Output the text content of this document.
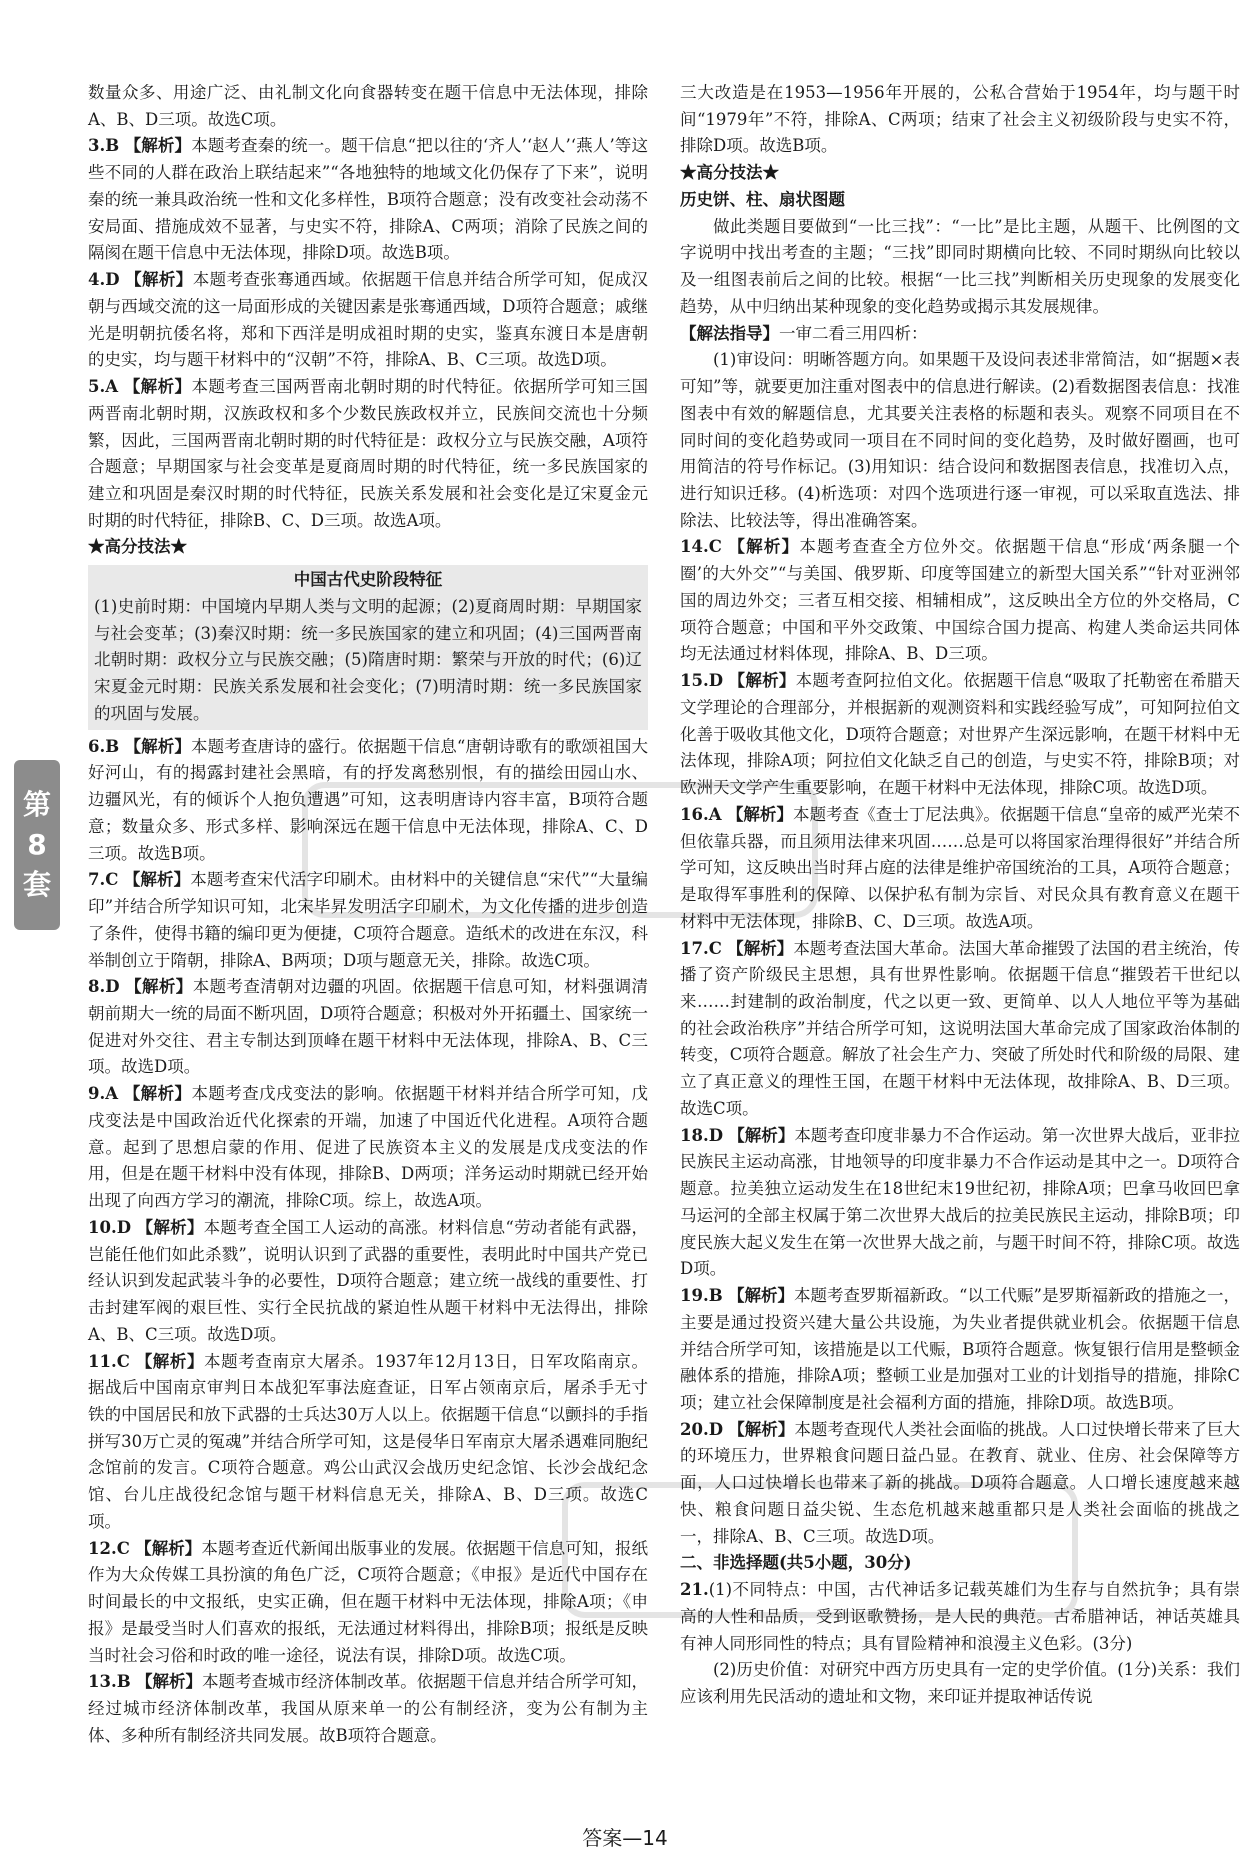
第
8
套

数量众多、用途广泛、由礼制文化向食器转变在题干信息中无法体现，排除A、B、D三项。故选C项。

3.B 【解析】本题考查秦的统一。题干信息“把以往的‘齐人’‘赵人’‘燕人’等这些不同的人群在政治上联结起来”“各地独特的地域文化仍保存了下来”，说明秦的统一兼具政治统一性和文化多样性，B项符合题意；没有改变社会动荡不安局面、措施成效不显著，与史实不符，排除A、C两项；消除了民族之间的隔阂在题干信息中无法体现，排除D项。故选B项。

4.D 【解析】本题考查张骞通西域。依据题干信息并结合所学可知，促成汉朝与西域交流的这一局面形成的关键因素是张骞通西域，D项符合题意；戚继光是明朝抗倭名将，郑和下西洋是明成祖时期的史实，鉴真东渡日本是唐朝的史实，均与题干材料中的“汉朝”不符，排除A、B、C三项。故选D项。

5.A 【解析】本题考查三国两晋南北朝时期的时代特征。依据所学可知三国两晋南北朝时期，汉族政权和多个少数民族政权并立，民族间交流也十分频繁，因此，三国两晋南北朝时期的时代特征是：政权分立与民族交融，A项符合题意；早期国家与社会变革是夏商周时期的时代特征，统一多民族国家的建立和巩固是秦汉时期的时代特征，民族关系发展和社会变化是辽宋夏金元时期的时代特征，排除B、C、D三项。故选A项。

★高分技法★

中国古代史阶段特征

(1)史前时期：中国境内早期人类与文明的起源；(2)夏商周时期：早期国家与社会变革；(3)秦汉时期：统一多民族国家的建立和巩固；(4)三国两晋南北朝时期：政权分立与民族交融；(5)隋唐时期：繁荣与开放的时代；(6)辽宋夏金元时期：民族关系发展和社会变化；(7)明清时期：统一多民族国家的巩固与发展。

6.B 【解析】本题考查唐诗的盛行。依据题干信息“唐朝诗歌有的歌颂祖国大好河山，有的揭露封建社会黑暗，有的抒发离愁别恨，有的描绘田园山水、边疆风光，有的倾诉个人抱负遭遇”可知，这表明唐诗内容丰富，B项符合题意；数量众多、形式多样、影响深远在题干信息中无法体现，排除A、C、D三项。故选B项。

7.C 【解析】本题考查宋代活字印刷术。由材料中的关键信息“宋代”“大量编印”并结合所学知识可知，北宋毕昇发明活字印刷术，为文化传播的进步创造了条件，使得书籍的编印更为便捷，C项符合题意。造纸术的改进在东汉，科举制创立于隋朝，排除A、B两项；D项与题意无关，排除。故选C项。

8.D 【解析】本题考查清朝对边疆的巩固。依据题干信息可知，材料强调清朝前期大一统的局面不断巩固，D项符合题意；积极对外开拓疆土、国家统一促进对外交往、君主专制达到顶峰在题干材料中无法体现，排除A、B、C三项。故选D项。

9.A 【解析】本题考查戊戌变法的影响。依据题干材料并结合所学可知，戊戌变法是中国政治近代化探索的开端，加速了中国近代化进程。A项符合题意。起到了思想启蒙的作用、促进了民族资本主义的发展是戊戌变法的作用，但是在题干材料中没有体现，排除B、D两项；洋务运动时期就已经开始出现了向西方学习的潮流，排除C项。综上，故选A项。

10.D 【解析】本题考查全国工人运动的高涨。材料信息“劳动者能有武器，岂能任他们如此杀戮”，说明认识到了武器的重要性，表明此时中国共产党已经认识到发起武装斗争的必要性，D项符合题意；建立统一战线的重要性、打击封建军阀的艰巨性、实行全民抗战的紧迫性从题干材料中无法得出，排除A、B、C三项。故选D项。

11.C 【解析】本题考查南京大屠杀。1937年12月13日，日军攻陷南京。据战后中国南京审判日本战犯军事法庭查证，日军占领南京后，屠杀手无寸铁的中国居民和放下武器的士兵达30万人以上。依据题干信息“以颤抖的手指拼写30万亡灵的冤魂”并结合所学可知，这是侵华日军南京大屠杀遇难同胞纪念馆前的发言。C项符合题意。鸡公山武汉会战历史纪念馆、长沙会战纪念馆、台儿庄战役纪念馆与题干材料信息无关，排除A、B、D三项。故选C项。

12.C 【解析】本题考查近代新闻出版事业的发展。依据题干信息可知，报纸作为大众传媒工具扮演的角色广泛，C项符合题意；《申报》是近代中国存在时间最长的中文报纸，史实正确，但在题干材料中无法体现，排除A项；《申报》是最受当时人们喜欢的报纸，无法通过材料得出，排除B项；报纸是反映当时社会习俗和时政的唯一途径，说法有误，排除D项。故选C项。

13.B 【解析】本题考查城市经济体制改革。依据题干信息并结合所学可知，经过城市经济体制改革，我国从原来单一的公有制经济，变为公有制为主体、多种所有制经济共同发展。故B项符合题意。

三大改造是在1953—1956年开展的，公私合营始于1954年，均与题干时间“1979年”不符，排除A、C两项；结束了社会主义初级阶段与史实不符，排除D项。故选B项。

★高分技法★

历史饼、柱、扇状图题

做此类题目要做到“一比三找”：“一比”是比主题，从题干、比例图的文字说明中找出考查的主题；“三找”即同时期横向比较、不同时期纵向比较以及一组图表前后之间的比较。根据“一比三找”判断相关历史现象的发展变化趋势，从中归纳出某种现象的变化趋势或揭示其发展规律。

【解法指导】一审二看三用四析：

(1)审设问：明晰答题方向。如果题干及设问表述非常简洁，如“据题×表可知”等，就要更加注重对图表中的信息进行解读。(2)看数据图表信息：找准图表中有效的解题信息，尤其要关注表格的标题和表头。观察不同项目在不同时间的变化趋势或同一项目在不同时间的变化趋势，及时做好圈画，也可用简洁的符号作标记。(3)用知识：结合设问和数据图表信息，找准切入点，进行知识迁移。(4)析选项：对四个选项进行逐一审视，可以采取直选法、排除法、比较法等，得出准确答案。

14.C 【解析】本题考查查全方位外交。依据题干信息“形成‘两条腿一个圈’的大外交”“与美国、俄罗斯、印度等国建立的新型大国关系”“针对亚洲邻国的周边外交；三者互相交接、相辅相成”，这反映出全方位的外交格局，C项符合题意；中国和平外交政策、中国综合国力提高、构建人类命运共同体均无法通过材料体现，排除A、B、D三项。

15.D 【解析】本题考查阿拉伯文化。依据题干信息“吸取了托勒密在希腊天文学理论的合理部分，并根据新的观测资料和实践经验写成”，可知阿拉伯文化善于吸收其他文化，D项符合题意；对世界产生深远影响，在题干材料中无法体现，排除A项；阿拉伯文化缺乏自己的创造，与史实不符，排除B项；对欧洲天文学产生重要影响，在题干材料中无法体现，排除C项。故选D项。

16.A 【解析】本题考查《查士丁尼法典》。依据题干信息“皇帝的威严光荣不但依靠兵器，而且须用法律来巩固……总是可以将国家治理得很好”并结合所学可知，这反映出当时拜占庭的法律是维护帝国统治的工具，A项符合题意；是取得军事胜利的保障、以保护私有制为宗旨、对民众具有教育意义在题干材料中无法体现，排除B、C、D三项。故选A项。

17.C 【解析】本题考查法国大革命。法国大革命摧毁了法国的君主统治，传播了资产阶级民主思想，具有世界性影响。依据题干信息“摧毁若干世纪以来……封建制的政治制度，代之以更一致、更简单、以人人地位平等为基础的社会政治秩序”并结合所学可知，这说明法国大革命完成了国家政治体制的转变，C项符合题意。解放了社会生产力、突破了所处时代和阶级的局限、建立了真正意义的理性王国，在题干材料中无法体现，故排除A、B、D三项。故选C项。

18.D 【解析】本题考查印度非暴力不合作运动。第一次世界大战后，亚非拉民族民主运动高涨，甘地领导的印度非暴力不合作运动是其中之一。D项符合题意。拉美独立运动发生在18世纪末19世纪初，排除A项；巴拿马收回巴拿马运河的全部主权属于第二次世界大战后的拉美民族民主运动，排除B项；印度民族大起义发生在第一次世界大战之前，与题干时间不符，排除C项。故选D项。

19.B 【解析】本题考查罗斯福新政。“以工代赈”是罗斯福新政的措施之一，主要是通过投资兴建大量公共设施，为失业者提供就业机会。依据题干信息并结合所学可知，该措施是以工代赈，B项符合题意。恢复银行信用是整顿金融体系的措施，排除A项；整顿工业是加强对工业的计划指导的措施，排除C项；建立社会保障制度是社会福利方面的措施，排除D项。故选B项。

20.D 【解析】本题考查现代人类社会面临的挑战。人口过快增长带来了巨大的环境压力，世界粮食问题日益凸显。在教育、就业、住房、社会保障等方面，人口过快增长也带来了新的挑战。D项符合题意。人口增长速度越来越快、粮食问题日益尖锐、生态危机越来越重都只是人类社会面临的挑战之一，排除A、B、C三项。故选D项。

二、非选择题(共5小题，30分)

21.(1)不同特点：中国，古代神话多记载英雄们为生存与自然抗争；具有崇高的人性和品质，受到讴歌赞扬，是人民的典范。古希腊神话，神话英雄具有神人同形同性的特点；具有冒险精神和浪漫主义色彩。(3分)

(2)历史价值：对研究中西方历史具有一定的史学价值。(1分)关系：我们应该利用先民活动的遗址和文物，来印证并提取神话传说

答案—14
